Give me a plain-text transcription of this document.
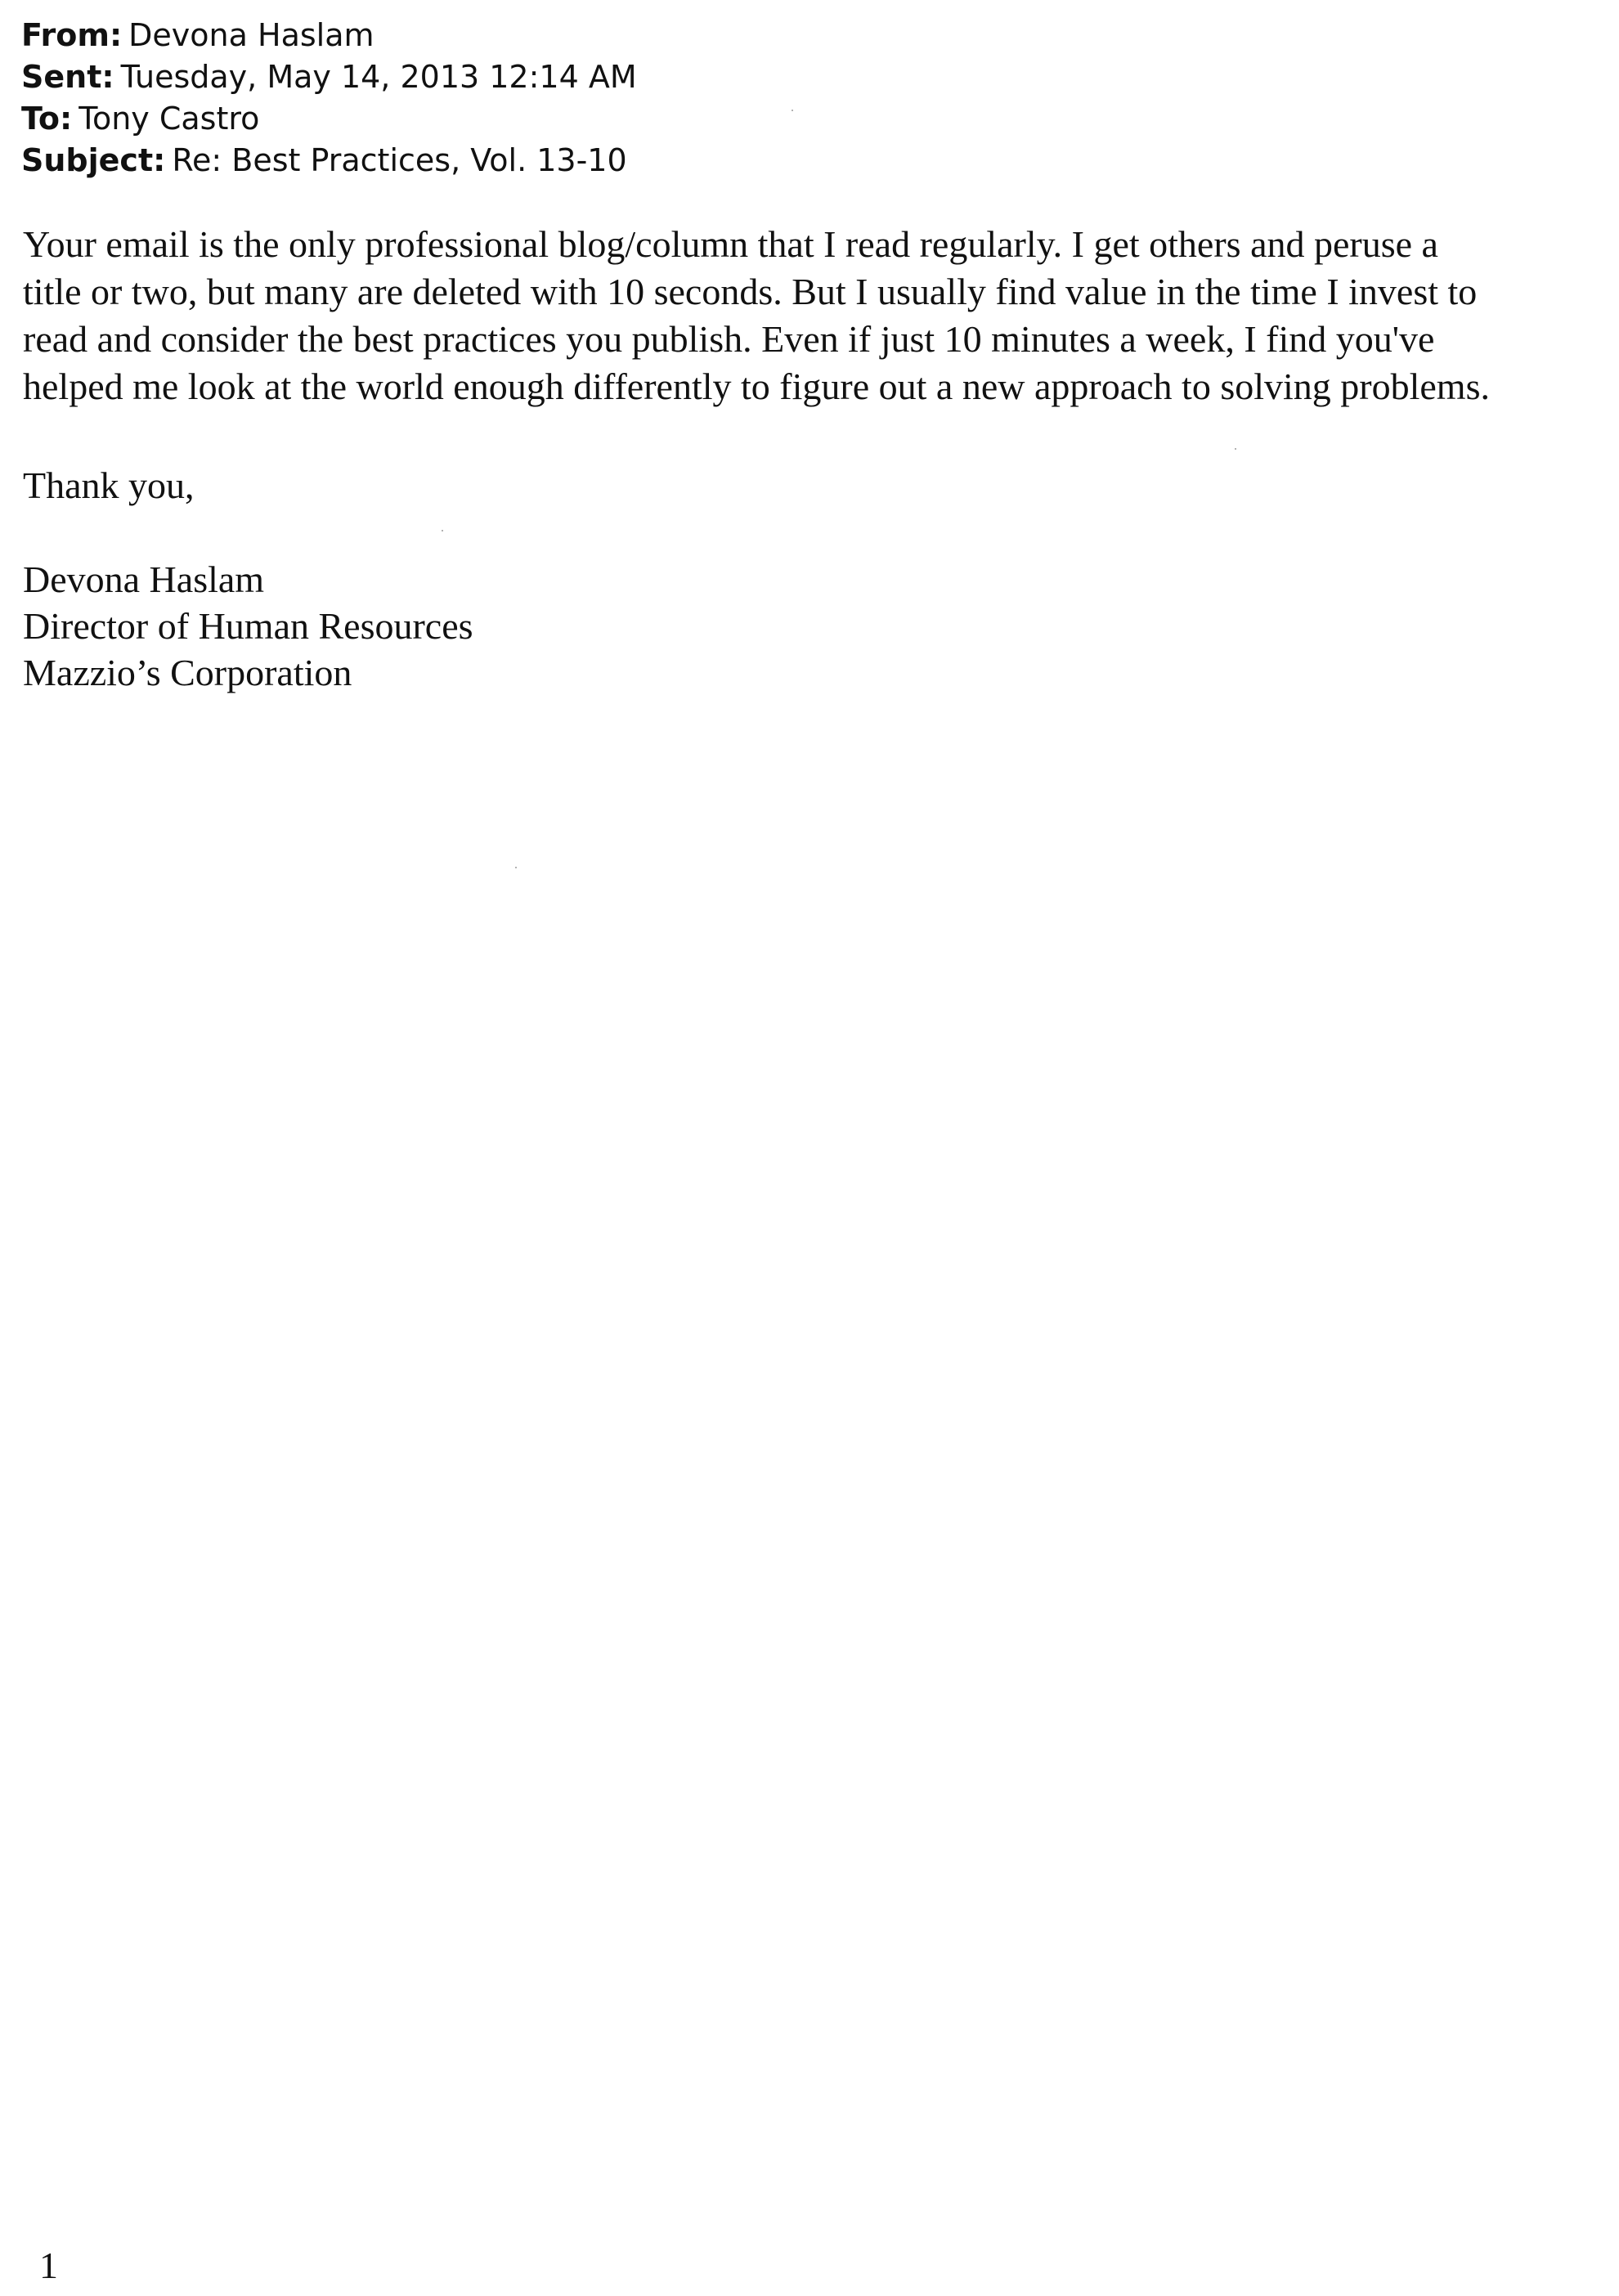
From: Devona Haslam
Sent: Tuesday, May 14, 2013 12:14 AM
To: Tony Castro
Subject: Re: Best Practices, Vol. 13-10
Your email is the only professional blog/column that I read regularly. I get others and peruse a
title or two, but many are deleted with 10 seconds. But I usually find value in the time I invest to
read and consider the best practices you publish. Even if just 10 minutes a week, I find you've
helped me look at the world enough differently to figure out a new approach to solving problems.
Thank you,
Devona Haslam
Director of Human Resources
Mazzio’s Corporation
1
